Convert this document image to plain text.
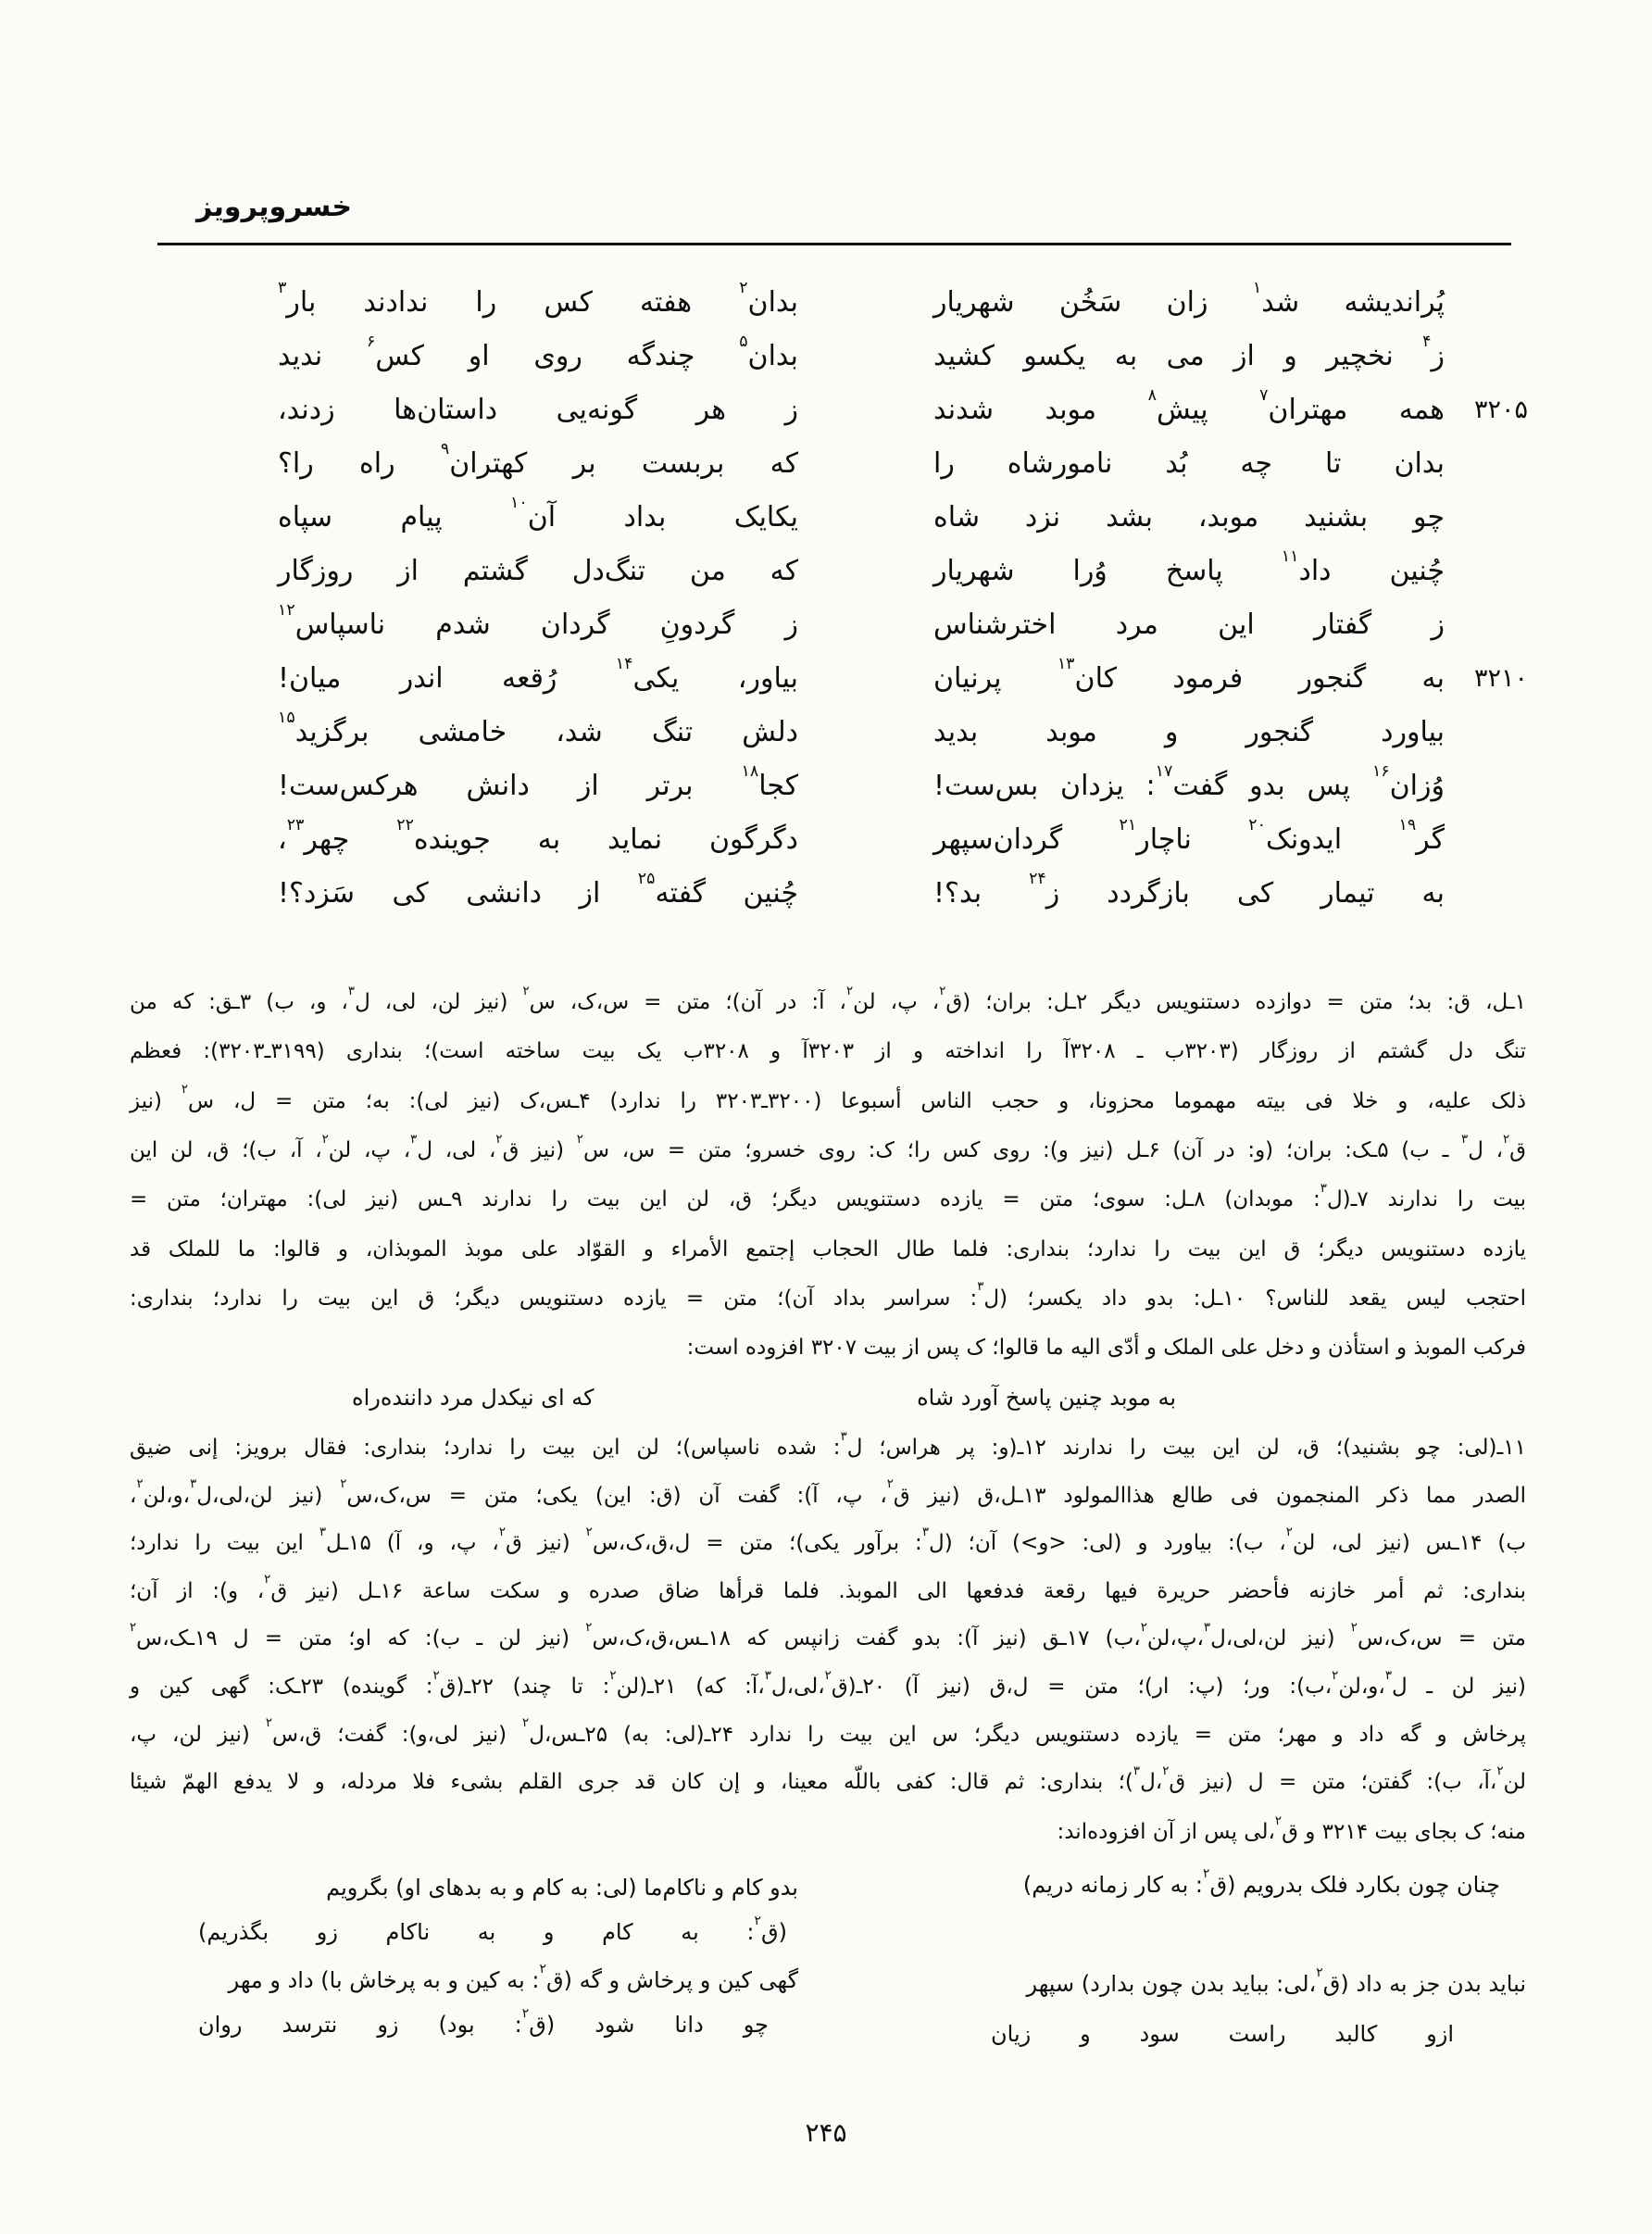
خسروپرویز
پُراندیشه شد$^۱$ زان سَخُن شهریار
بدان$^۲$ هفته کس را ندادند بار$^۳$
ز$^۴$ نخچیر و از می به یکسو کشید
بدان$^۵$ چندگه روی او کس$^۶$ ندید
۳۲۰۵
همه مهتران$^۷$ پیش$^۸$ موبد شدند
ز هر گونه‌یی داستان‌ها زدند،
بدان تا چه بُد نامورشاه را
که بربست بر کهتران$^۹$ راه را؟
چو بشنید موبد، بشد نزد شاه
یکایک بداد آن$^{۱۰}$ پیام سپاه
چُنین داد$^{۱۱}$ پاسخ وُرا شهریار
که من تنگ‌دل گشتم از روزگار
ز گفتار این مرد اخترشناس
ز گردونِ گردان شدم ناسپاس$^{۱۲}$
۳۲۱۰
به گنجور فرمود کان$^{۱۳}$ پرنیان
بیاور، یکی$^{۱۴}$ رُقعه اندر میان!
بیاورد گنجور و موبد بدید
دلش تنگ شد، خامشی برگزید$^{۱۵}$
وُزان$^{۱۶}$ پس بدو گفت$^{۱۷}$: یزدان بس‌ست!
کجا$^{۱۸}$ برتر از دانش هرکس‌ست!
گر$^{۱۹}$ ایدونک$^{۲۰}$ ناچار$^{۲۱}$ گردان‌سپهر
دگرگون نماید به جوینده$^{۲۲}$ چهر$^{۲۳}$،
به تیمار کی بازگردد ز$^{۲۴}$ بد؟!
چُنین گفته$^{۲۵}$ از دانشی کی سَزد؟!
۱ـل، ق: بد؛ متن = دوازده دستنویس دیگر ۲ـل: بران؛ (ق$^۲$، پ، لن$^۲$، آ: در آن)؛ متن = س،ک، س$^۲$ (نیز لن، لی، ل$^۳$، و، ب) ۳ـق: که من
تنگ دل گشتم از روزگار (۳۲۰۳ب ـ ۳۲۰۸آ را انداخته و از ۳۲۰۳آ و ۳۲۰۸ب یک بیت ساخته است)؛ بنداری (۳۱۹۹ـ۳۲۰۳): فعظم
ذلک علیه، و خلا فی بیته مهموما محزونا، و حجب الناس أسبوعا (۳۲۰۰ـ۳۲۰۳ را ندارد) ۴ـس،ک (نیز لی): به؛ متن = ل، س$^۲$ (نیز
ق$^۲$، ل$^۳$ ـ ب) ۵ـک: بران؛ (و: در آن) ۶ـل (نیز و): روی کس را؛ ک: روی خسرو؛ متن = س، س$^۲$ (نیز ق$^۲$، لی، ل$^۳$، پ، لن$^۲$، آ، ب)؛ ق، لن این
بیت را ندارند ۷ـ(ل$^۳$: موبدان) ۸ـل: سوی؛ متن = یازده دستنویس دیگر؛ ق، لن این بیت را ندارند ۹ـس (نیز لی): مهتران؛ متن =
یازده دستنویس دیگر؛ ق این بیت را ندارد؛ بنداری: فلما طال الحجاب إجتمع الأمراء و القوّاد علی موبذ الموبذان، و قالوا: ما للملک قد
احتجب لیس یقعد للناس؟ ۱۰ـل: بدو داد یکسر؛ (ل$^۳$: سراسر بداد آن)؛ متن = یازده دستنویس دیگر؛ ق این بیت را ندارد؛ بنداری:
فرکب الموبذ و استأذن و دخل علی الملک و أدّی الیه ما قالوا؛ ک پس از بیت ۳۲۰۷ افزوده است:
به موبد چنین پاسخ آورد شاه
که ای نیکدل مرد داننده‌راه
۱۱ـ(لی: چو بشنید)؛ ق، لن این بیت را ندارند ۱۲ـ(و: پر هراس؛ ل$^۳$: شده ناسپاس)؛ لن این بیت را ندارد؛ بنداری: فقال برویز: إنی ضیق
الصدر مما ذکر المنجمون فی طالع هذاالمولود ۱۳ـل،ق (نیز ق$^۲$، پ، آ): گفت آن (ق: این) یکی؛ متن = س،ک،س$^۲$ (نیز لن،لی،ل$^۳$،و،لن$^۲$،
ب) ۱۴ـس (نیز لی، لن$^۲$، ب): بیاورد و (لی: <و>) آن؛ (ل$^۳$: برآور یکی)؛ متن = ل،ق،ک،س$^۲$ (نیز ق$^۲$، پ، و، آ) ۱۵ـل$^۳$ این بیت را ندارد؛
بنداری: ثم أمر خازنه فأحضر حریرة فیها رقعة فدفعها الی الموبذ. فلما قرأها ضاق صدره و سکت ساعة ۱۶ـل (نیز ق$^۲$، و): از آن؛
متن = س،ک،س$^۲$ (نیز لن،لی،ل$^۳$،پ،لن$^۲$،ب) ۱۷ـق (نیز آ): بدو گفت زانپس که ۱۸ـس،ق،ک،س$^۲$ (نیز لن ـ ب): که او؛ متن = ل ۱۹ـک،س$^۲$
(نیز لن ـ ل$^۳$،و،لن$^۲$،ب): ور؛ (پ: ار)؛ متن = ل،ق (نیز آ) ۲۰ـ(ق$^۲$،لی،ل$^۳$،آ: که) ۲۱ـ(لن$^۲$: تا چند) ۲۲ـ(ق$^۲$: گوینده) ۲۳ـک: گهی کین و
پرخاش و گه داد و مهر؛ متن = یازده دستنویس دیگر؛ س این بیت را ندارد ۲۴ـ(لی: به) ۲۵ـس،ل$^۲$ (نیز لی،و): گفت؛ ق،س$^۲$ (نیز لن، پ،
لن$^۲$،آ، ب): گفتن؛ متن = ل (نیز ق$^۲$،ل$^۳$)؛ بنداری: ثم قال: کفی باللّه معینا، و إن کان قد جری القلم بشیء فلا مردله، و لا یدفع الهمّ شیئا
منه؛ ک بجای بیت ۳۲۱۴ و ق$^۲$،لی پس از آن افزوده‌اند:
چنان چون بکارد فلک بدرویم (ق$^۲$: به کار زمانه دریم)
نباید بدن جز به داد (ق$^۲$،لی: بباید بدن چون بدارد) سپهر
ازو کالبد راست سود و زیان
بدو کام و ناکام‌ما (لی: به کام و به بدهای او) بگرویم
(ق$^۲$: به کام و به ناکام زو بگذریم)
گهی کین و پرخاش و گه (ق$^۲$: به کین و به پرخاش با) داد و مهر
چو دانا شود (ق$^۲$: بود) زو نترسد روان
۲۴۵
